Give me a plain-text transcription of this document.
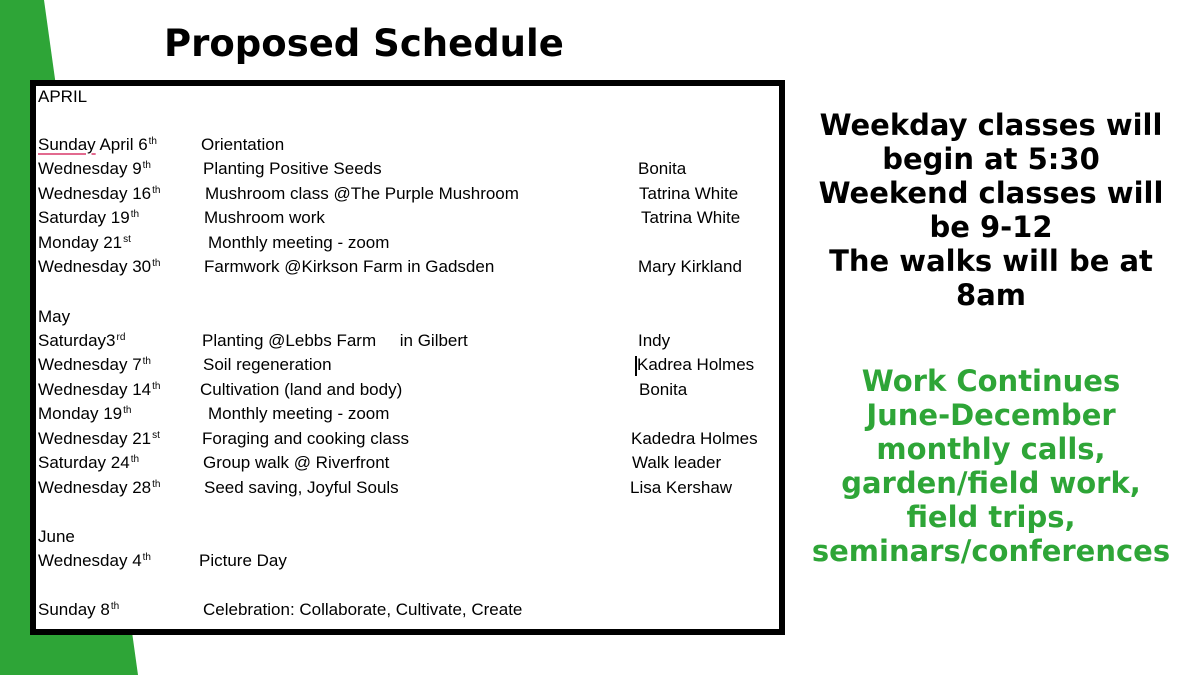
Proposed Schedule
APRIL
Sunday April 6th	Orientation
Wednesday 9th	Planting Positive Seeds	Bonita
Wednesday 16th	Mushroom class @The Purple Mushroom	Tatrina White
Saturday 19th	Mushroom work	Tatrina White
Monday 21st	Monthly meeting - zoom
Wednesday 30th	Farmwork @Kirkson Farm in Gadsden	Mary Kirkland
May
Saturday3rd	Planting @Lebbs Farm     in Gilbert	Indy
Wednesday 7th	Soil regeneration	Kadrea Holmes
Wednesday 14th Cultivation (land and body)	Bonita
Monday 19th	Monthly meeting - zoom
Wednesday 21st Foraging and cooking class	Kadedra Holmes
Saturday 24th	Group walk @ Riverfront	Walk leader
Wednesday 28th	Seed saving, Joyful Souls	Lisa Kershaw
June
Wednesday 4th	Picture Day
Sunday 8th	Celebration: Collaborate, Cultivate, Create
Weekday classes will
begin at 5:30
Weekend classes will
be 9-12
The walks will be at
8am
Work Continues
June-December
monthly calls,
garden/field work,
field trips,
seminars/conferences
